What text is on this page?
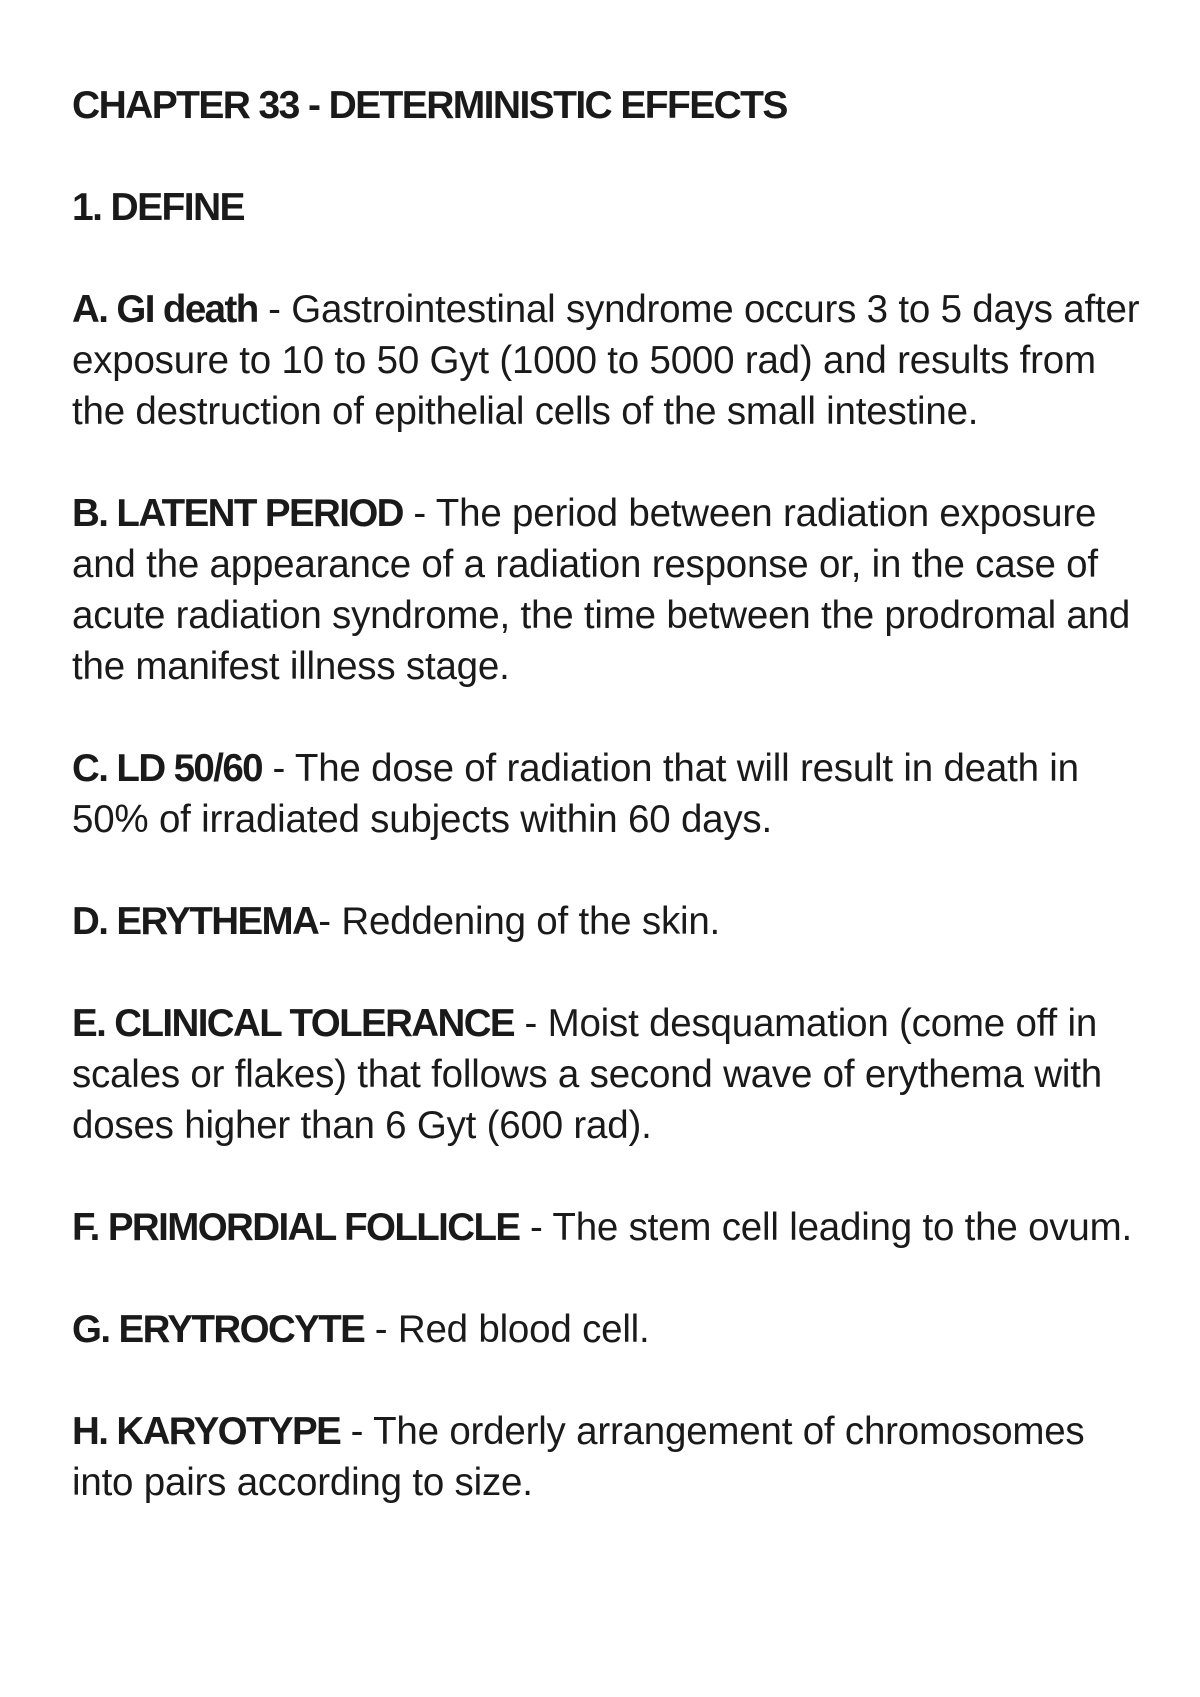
CHAPTER 33 - DETERMINISTIC EFFECTS
1. DEFINE

A. GI death - Gastrointestinal syndrome occurs 3 to 5 days after exposure to 10 to 50 Gyt (1000 to 5000 rad) and results from the destruction of epithelial cells of the small intestine.

B. LATENT PERIOD - The period between radiation exposure and the appearance of a radiation response or, in the case of acute radiation syndrome, the time between the prodromal and the manifest illness stage.

C. LD 50/60 - The dose of radiation that will result in death in 50% of irradiated subjects within 60 days.

D. ERYTHEMA- Reddening of the skin.

E. CLINICAL TOLERANCE - Moist desquamation (come off in scales or flakes) that follows a second wave of erythema with doses higher than 6 Gyt (600 rad).

F. PRIMORDIAL FOLLICLE - The stem cell leading to the ovum.

G. ERYTROCYTE - Red blood cell.

H. KARYOTYPE - The orderly arrangement of chromosomes into pairs according to size.
